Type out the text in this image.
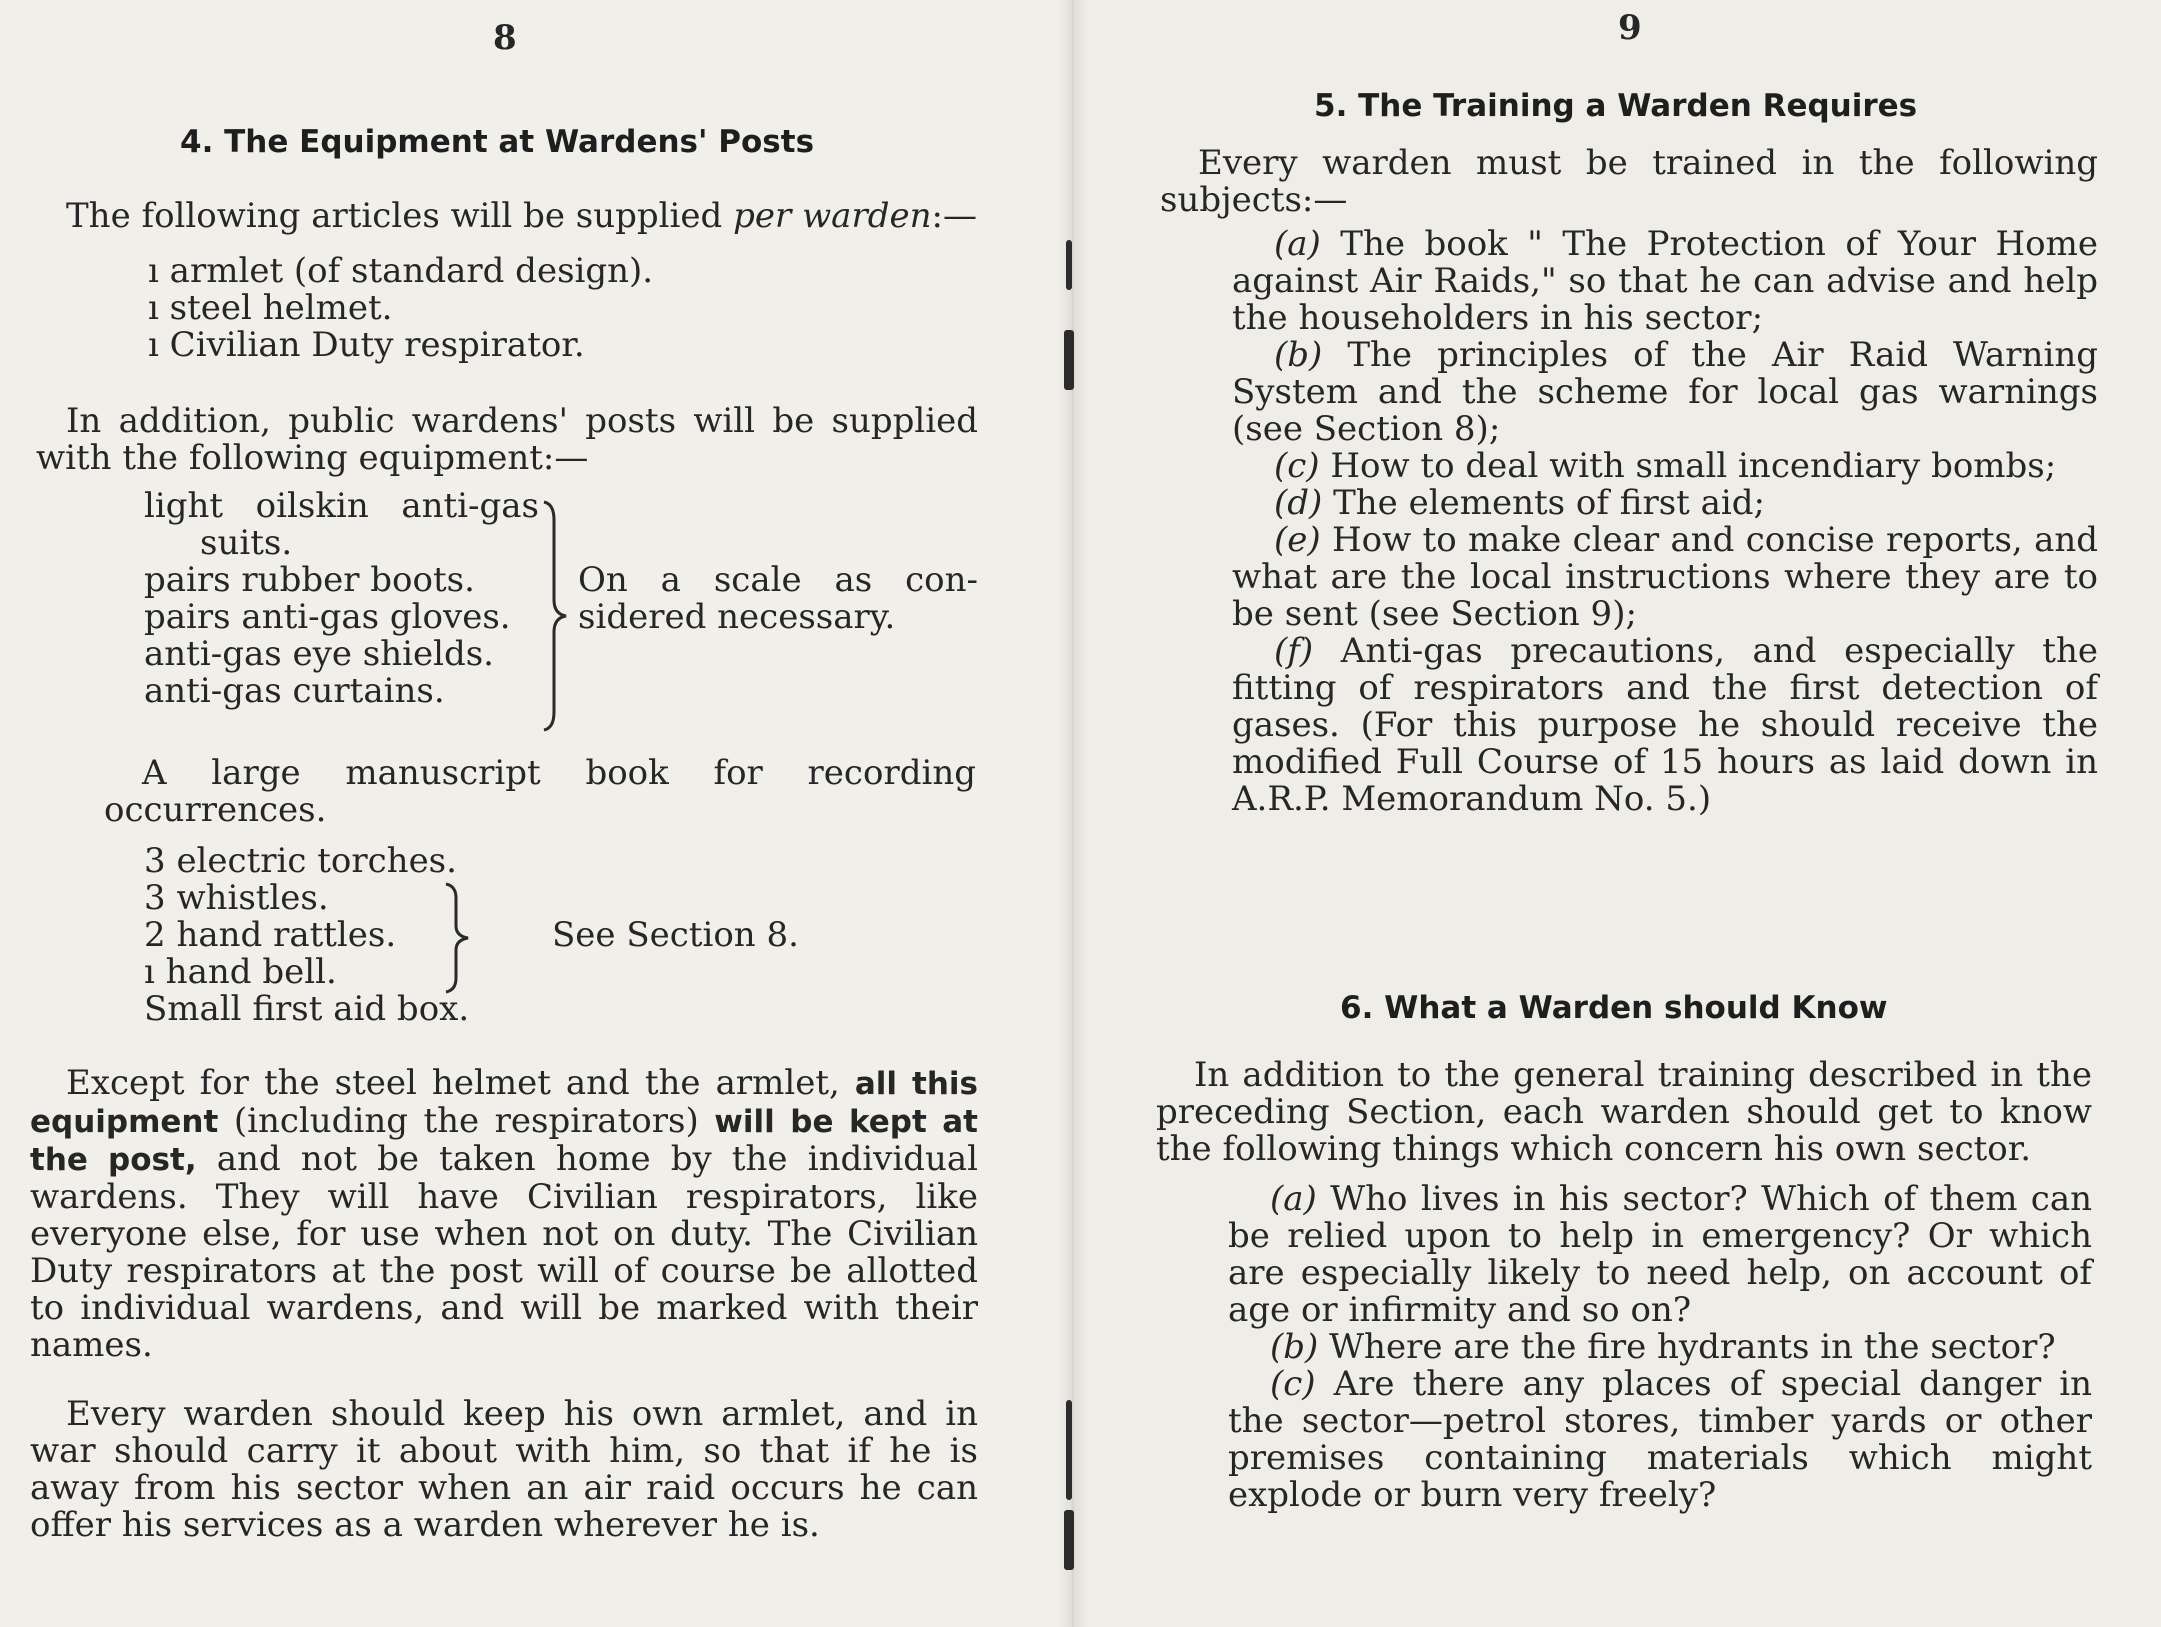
8
4. The Equipment at Wardens' Posts
The following articles will be supplied per warden:—
ı armlet (of standard design).
ı steel helmet.
ı Civilian Duty respirator.
In addition, public wardens' posts will be supplied with the following equipment:—
light oilskin anti-gas
suits.
pairs rubber boots.
pairs anti-gas gloves.
anti-gas eye shields.
anti-gas curtains.
On a scale as con-
sidered necessary.
A large manuscript book for recording occurrences.
3 electric torches.
3 whistles.
2 hand rattles.
ı hand bell.
Small first aid box.
See Section 8.
Except for the steel helmet and the armlet, all this equipment (including the respirators) will be kept at the post, and not be taken home by the individual wardens. They will have Civilian respirators, like everyone else, for use when not on duty. The Civilian Duty respirators at the post will of course be allotted to individual wardens, and will be marked with their names.
Every warden should keep his own armlet, and in war should carry it about with him, so that if he is away from his sector when an air raid occurs he can offer his services as a warden wherever he is.
9
5. The Training a Warden Requires
Every warden must be trained in the following subjects:—

(a) The book " The Protection of Your Home against Air Raids," so that he can advise and help the householders in his sector;

(b) The principles of the Air Raid Warning System and the scheme for local gas warnings (see Section 8);

(c) How to deal with small incendiary bombs;

(d) The elements of first aid;

(e) How to make clear and concise reports, and what are the local instructions where they are to be sent (see Section 9);

(f) Anti-gas precautions, and especially the fitting of respirators and the first detection of gases. (For this purpose he should receive the modified Full Course of 15 hours as laid down in A.R.P. Memorandum No. 5.)

6. What a Warden should Know
In addition to the general training described in the preceding Section, each warden should get to know the following things which concern his own sector.

(a) Who lives in his sector? Which of them can be relied upon to help in emergency? Or which are especially likely to need help, on account of age or infirmity and so on?

(b) Where are the fire hydrants in the sector?

(c) Are there any places of special danger in the sector—petrol stores, timber yards or other premises containing materials which might explode or burn very freely?
